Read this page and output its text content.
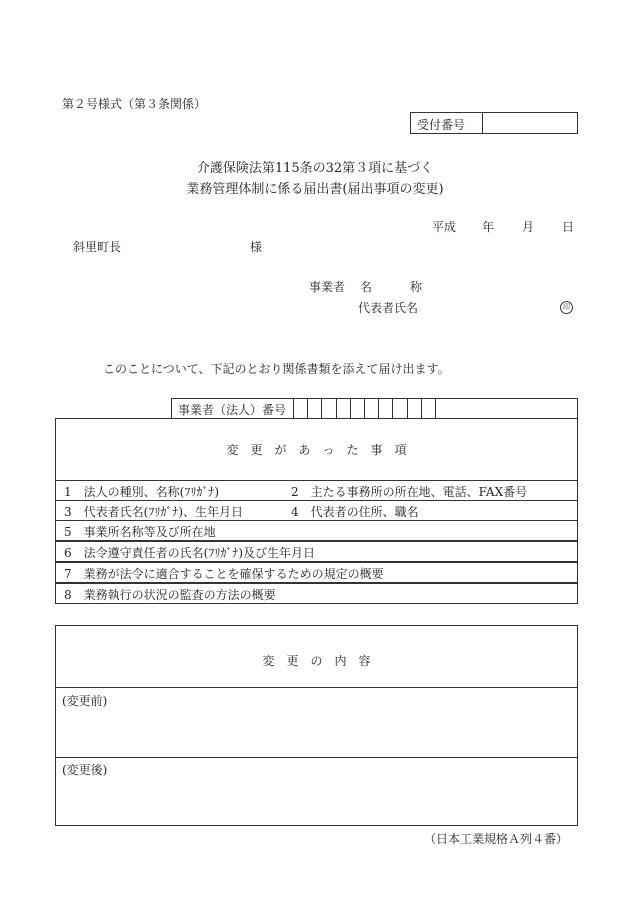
第２号様式（第３条関係）
受付番号
介護保険法第115条の32第３項に基づく
業務管理体制に係る届出書(届出事項の変更)
平成 年 月 日
斜里町長	様
事業者 名	称
代表者氏名	印
このことについて、下記のとおり関係書類を添えて届け出ます。
事業者（法人）番号
変　更　が　あ　っ　た　事　項
1　法人の種別、名称(ﾌﾘｶﾞﾅ)	2　主たる事務所の所在地、電話、FAX番号
3　代表者氏名(ﾌﾘｶﾞﾅ)、生年月日	4　代表者の住所、職名
5　事業所名称等及び所在地
6　法令遵守責任者の氏名(ﾌﾘｶﾞﾅ)及び生年月日
7　業務が法令に適合することを確保するための規定の概要
8　業務執行の状況の監査の方法の概要
変　更　の　内　容
(変更前)
(変更後)
（日本工業規格Ａ列４番）
